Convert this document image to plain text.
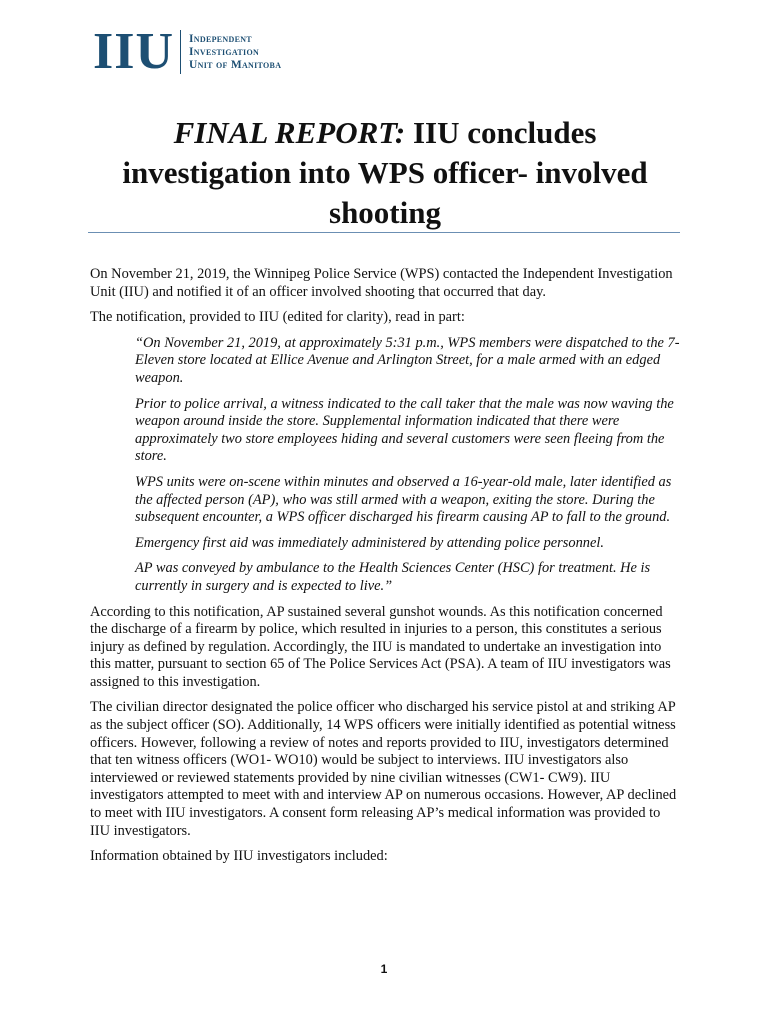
IIU Independent
Investigation
Unit of Manitoba
FINAL REPORT: IIU concludes investigation into WPS officer- involved shooting

On November 21, 2019, the Winnipeg Police Service (WPS) contacted the Independent Investigation Unit (IIU) and notified it of an officer involved shooting that occurred that day.

The notification, provided to IIU (edited for clarity), read in part:

“On November 21, 2019, at approximately 5:31 p.m., WPS members were dispatched to the 7-Eleven store located at Ellice Avenue and Arlington Street, for a male armed with an edged weapon.

Prior to police arrival, a witness indicated to the call taker that the male was now waving the weapon around inside the store. Supplemental information indicated that there were approximately two store employees hiding and several customers were seen fleeing from the store.

WPS units were on-scene within minutes and observed a 16-year-old male, later identified as the affected person (AP), who was still armed with a weapon, exiting the store. During the subsequent encounter, a WPS officer discharged his firearm causing AP to fall to the ground.

Emergency first aid was immediately administered by attending police personnel.

AP was conveyed by ambulance to the Health Sciences Center (HSC) for treatment. He is currently in surgery and is expected to live.”

According to this notification, AP sustained several gunshot wounds. As this notification concerned the discharge of a firearm by police, which resulted in injuries to a person, this constitutes a serious injury as defined by regulation. Accordingly, the IIU is mandated to undertake an investigation into this matter, pursuant to section 65 of The Police Services Act (PSA). A team of IIU investigators was assigned to this investigation.

The civilian director designated the police officer who discharged his service pistol at and striking AP as the subject officer (SO). Additionally, 14 WPS officers were initially identified as potential witness officers. However, following a review of notes and reports provided to IIU, investigators determined that ten witness officers (WO1- WO10) would be subject to interviews. IIU investigators also interviewed or reviewed statements provided by nine civilian witnesses (CW1- CW9). IIU investigators attempted to meet with and interview AP on numerous occasions. However, AP declined to meet with IIU investigators. A consent form releasing AP’s medical information was provided to IIU investigators.

Information obtained by IIU investigators included:

1
